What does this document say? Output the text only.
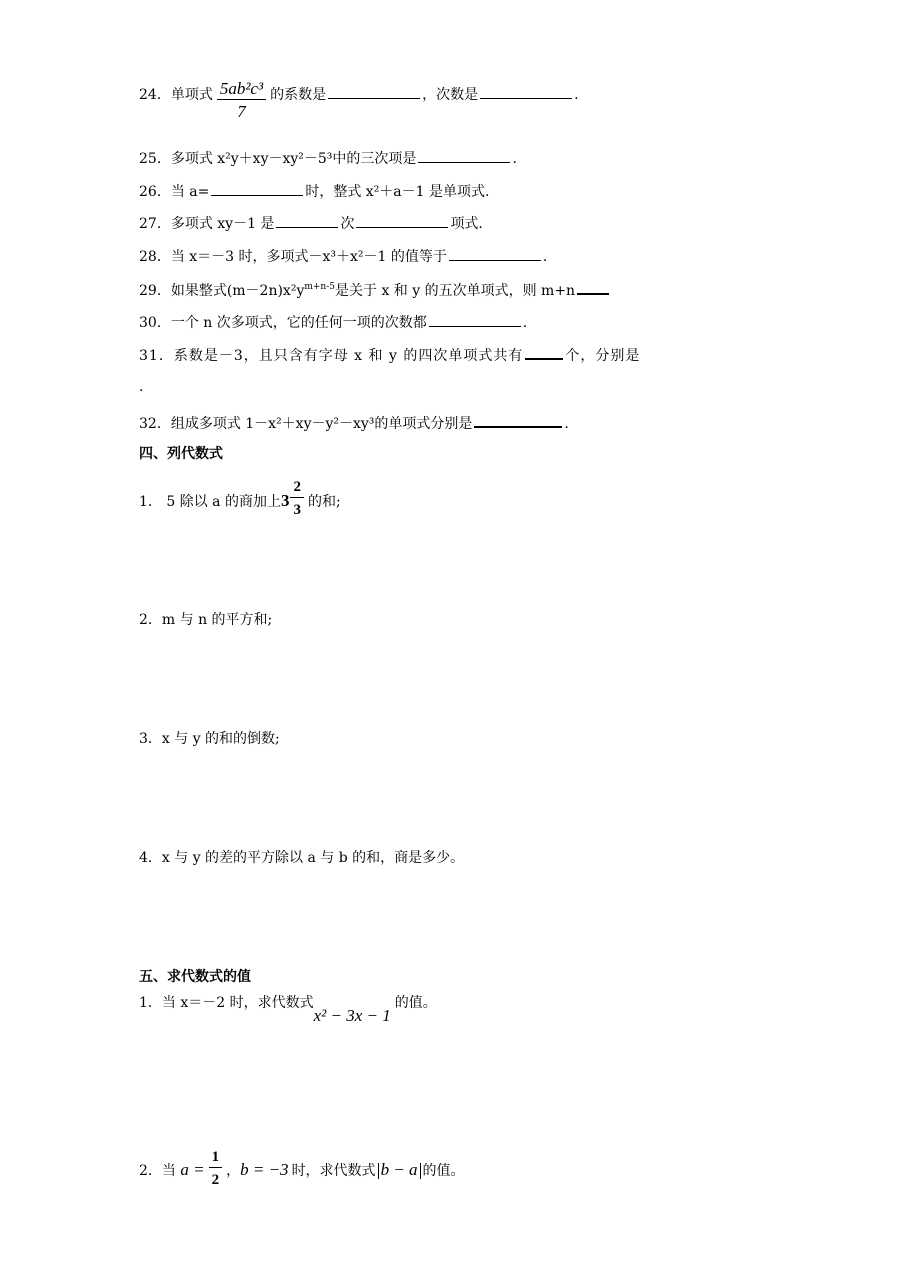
24．单项式 $\frac{\text{5ab²c³}}{7}$ 的系数是	，次数是	.
25．多项式 x²y＋xy－xy²－5³中的三次项是	.
26．当 a=	时，整式 x²＋a－1 是单项式.
27．多项式 xy－1 是	次	项式.
28．当 x＝－3 时，多项式－x³＋x²－1 的值等于	.
29．如果整式$(m-2n)x^2y^{m+n-5}$是关于 x 和 y 的五次单项式，则 m+n
30．一个 n 次多项式，它的任何一项的次数都	.
31．系数是－3，且只含有字母 x 和 y 的四次单项式共有	个，分别是
.
32．组成多项式 1－x²＋xy－y²－xy³的单项式分别是	.
四、列代数式
1． 5 除以 a 的商加上$3 \frac{2}{3}$ 的和;
2．m 与 n 的平方和;
3．x 与 y 的和的倒数;
4．x 与 y 的差的平方除以 a 与 b 的和，商是多少。
五、求代数式的值
1．当 x＝－2 时，求代数式x² − 3x − 1的值。
2．当 $a = \frac{1}{2}$ ，b = −3 时，求代数式 b − a 的值。
